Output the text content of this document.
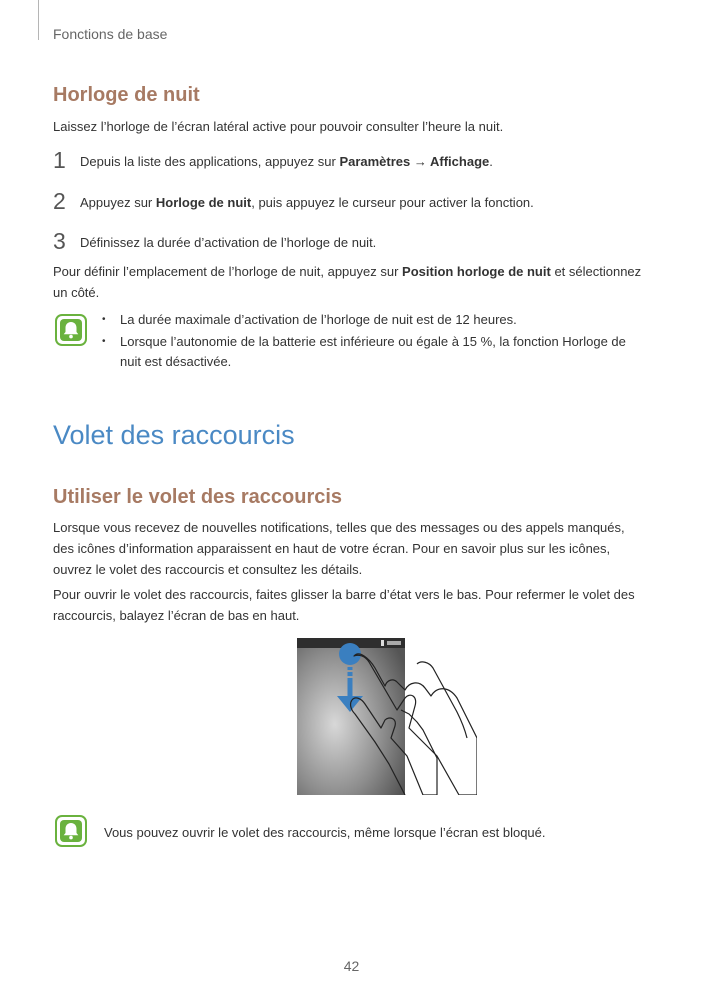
Fonctions de base
Horloge de nuit
Laissez l’horloge de l’écran latéral active pour pouvoir consulter l’heure la nuit.
1 Depuis la liste des applications, appuyez sur Paramètres → Affichage.
2 Appuyez sur Horloge de nuit, puis appuyez le curseur pour activer la fonction.
3 Définissez la durée d’activation de l’horloge de nuit.
Pour définir l’emplacement de l’horloge de nuit, appuyez sur Position horloge de nuit et sélectionnez un côté.
• La durée maximale d’activation de l’horloge de nuit est de 12 heures.
• Lorsque l’autonomie de la batterie est inférieure ou égale à 15 %, la fonction Horloge de nuit est désactivée.
Volet des raccourcis
Utiliser le volet des raccourcis
Lorsque vous recevez de nouvelles notifications, telles que des messages ou des appels manqués, des icônes d’information apparaissent en haut de votre écran. Pour en savoir plus sur les icônes, ouvrez le volet des raccourcis et consultez les détails.
Pour ouvrir le volet des raccourcis, faites glisser la barre d’état vers le bas. Pour refermer le volet des raccourcis, balayez l’écran de bas en haut.
Vous pouvez ouvrir le volet des raccourcis, même lorsque l’écran est bloqué.
42
